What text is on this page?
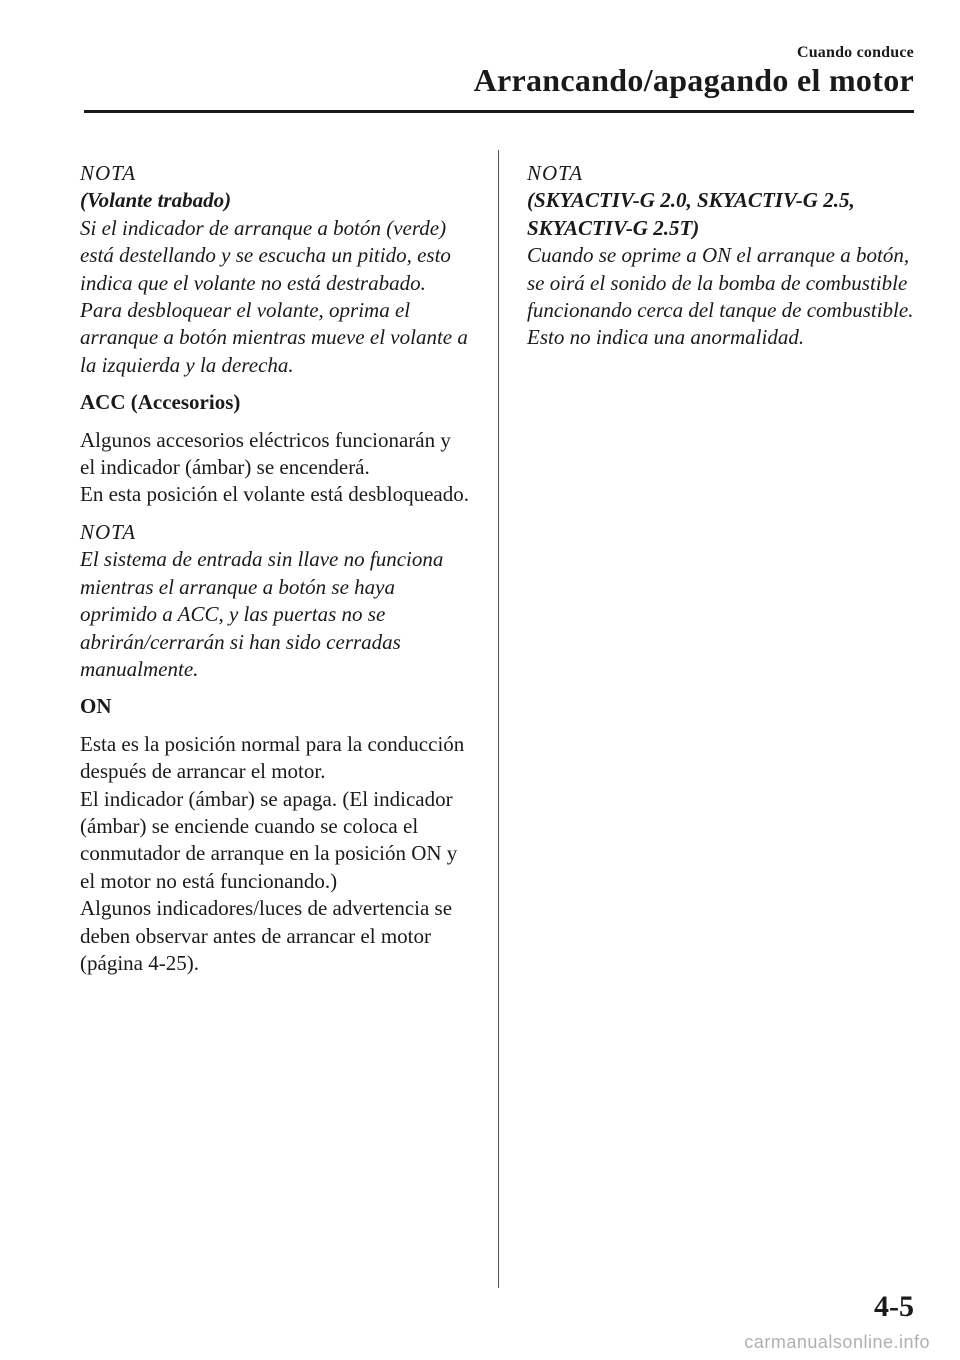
Cuando conduce
Arrancando/apagando el motor
NOTA
(Volante trabado)
Si el indicador de arranque a botón (verde) está destellando y se escucha un pitido, esto indica que el volante no está destrabado. Para desbloquear el volante, oprima el arranque a botón mientras mueve el volante a la izquierda y la derecha.
ACC (Accesorios)
Algunos accesorios eléctricos funcionarán y el indicador (ámbar) se encenderá.
En esta posición el volante está desbloqueado.
NOTA
El sistema de entrada sin llave no funciona mientras el arranque a botón se haya oprimido a ACC, y las puertas no se abrirán/cerrarán si han sido cerradas manualmente.
ON
Esta es la posición normal para la conducción después de arrancar el motor.
El indicador (ámbar) se apaga. (El indicador (ámbar) se enciende cuando se coloca el conmutador de arranque en la posición ON y el motor no está funcionando.)
Algunos indicadores/luces de advertencia se deben observar antes de arrancar el motor (página 4-25).
NOTA
(SKYACTIV-G 2.0, SKYACTIV-G 2.5, SKYACTIV-G 2.5T)
Cuando se oprime a ON el arranque a botón, se oirá el sonido de la bomba de combustible funcionando cerca del tanque de combustible. Esto no indica una anormalidad.
4-5
carmanualsonline.info
